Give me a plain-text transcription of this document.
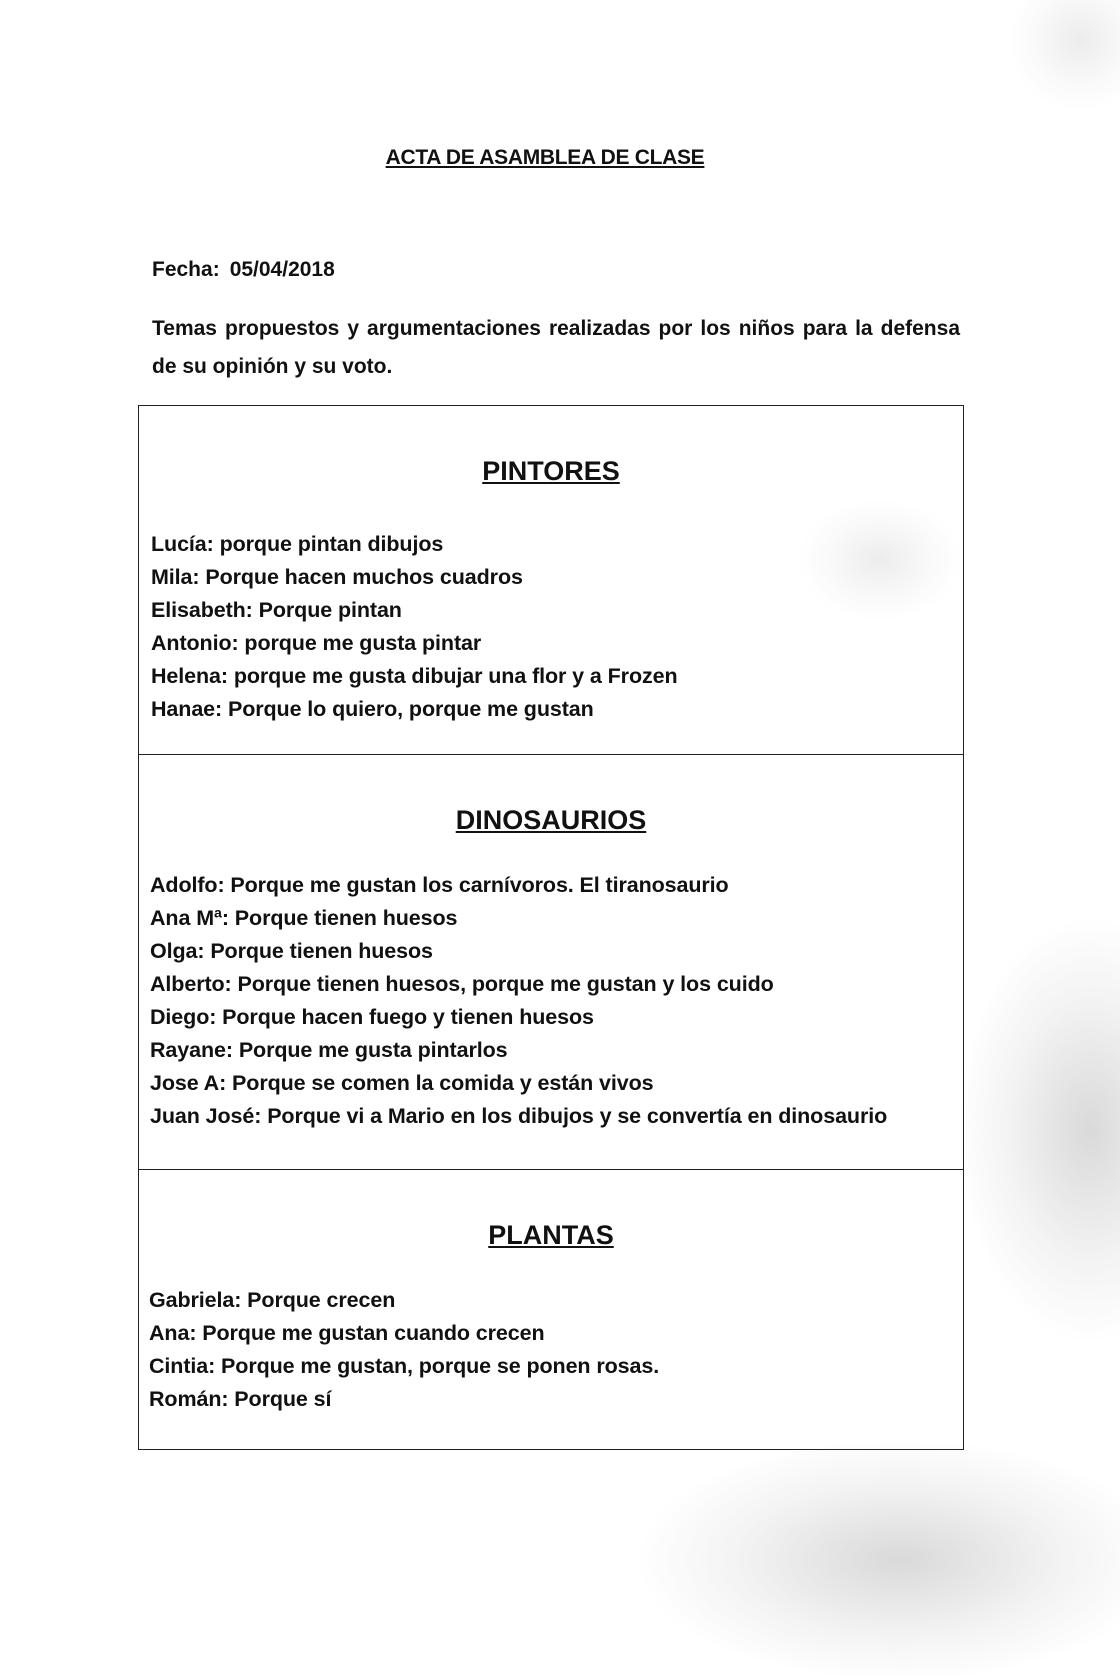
ACTA DE ASAMBLEA DE CLASE
Fecha: 05/04/2018
Temas propuestos y argumentaciones realizadas por los niños para la defensa de su opinión y su voto.
PINTORES
Lucía: porque pintan dibujos
Mila: Porque hacen muchos cuadros
Elisabeth: Porque pintan
Antonio: porque me gusta pintar
Helena: porque me gusta dibujar una flor y a Frozen
Hanae: Porque lo quiero, porque me gustan
DINOSAURIOS
Adolfo: Porque me gustan los carnívoros. El tiranosaurio
Ana Mª: Porque tienen huesos
Olga: Porque tienen huesos
Alberto: Porque tienen huesos, porque me gustan y los cuido
Diego: Porque hacen fuego y tienen huesos
Rayane: Porque me gusta pintarlos
Jose A: Porque se comen la comida y están vivos
Juan José: Porque vi a Mario en los dibujos y se convertía en dinosaurio
PLANTAS
Gabriela: Porque crecen
Ana: Porque me gustan cuando crecen
Cintia: Porque me gustan, porque se ponen rosas.
Román: Porque sí
